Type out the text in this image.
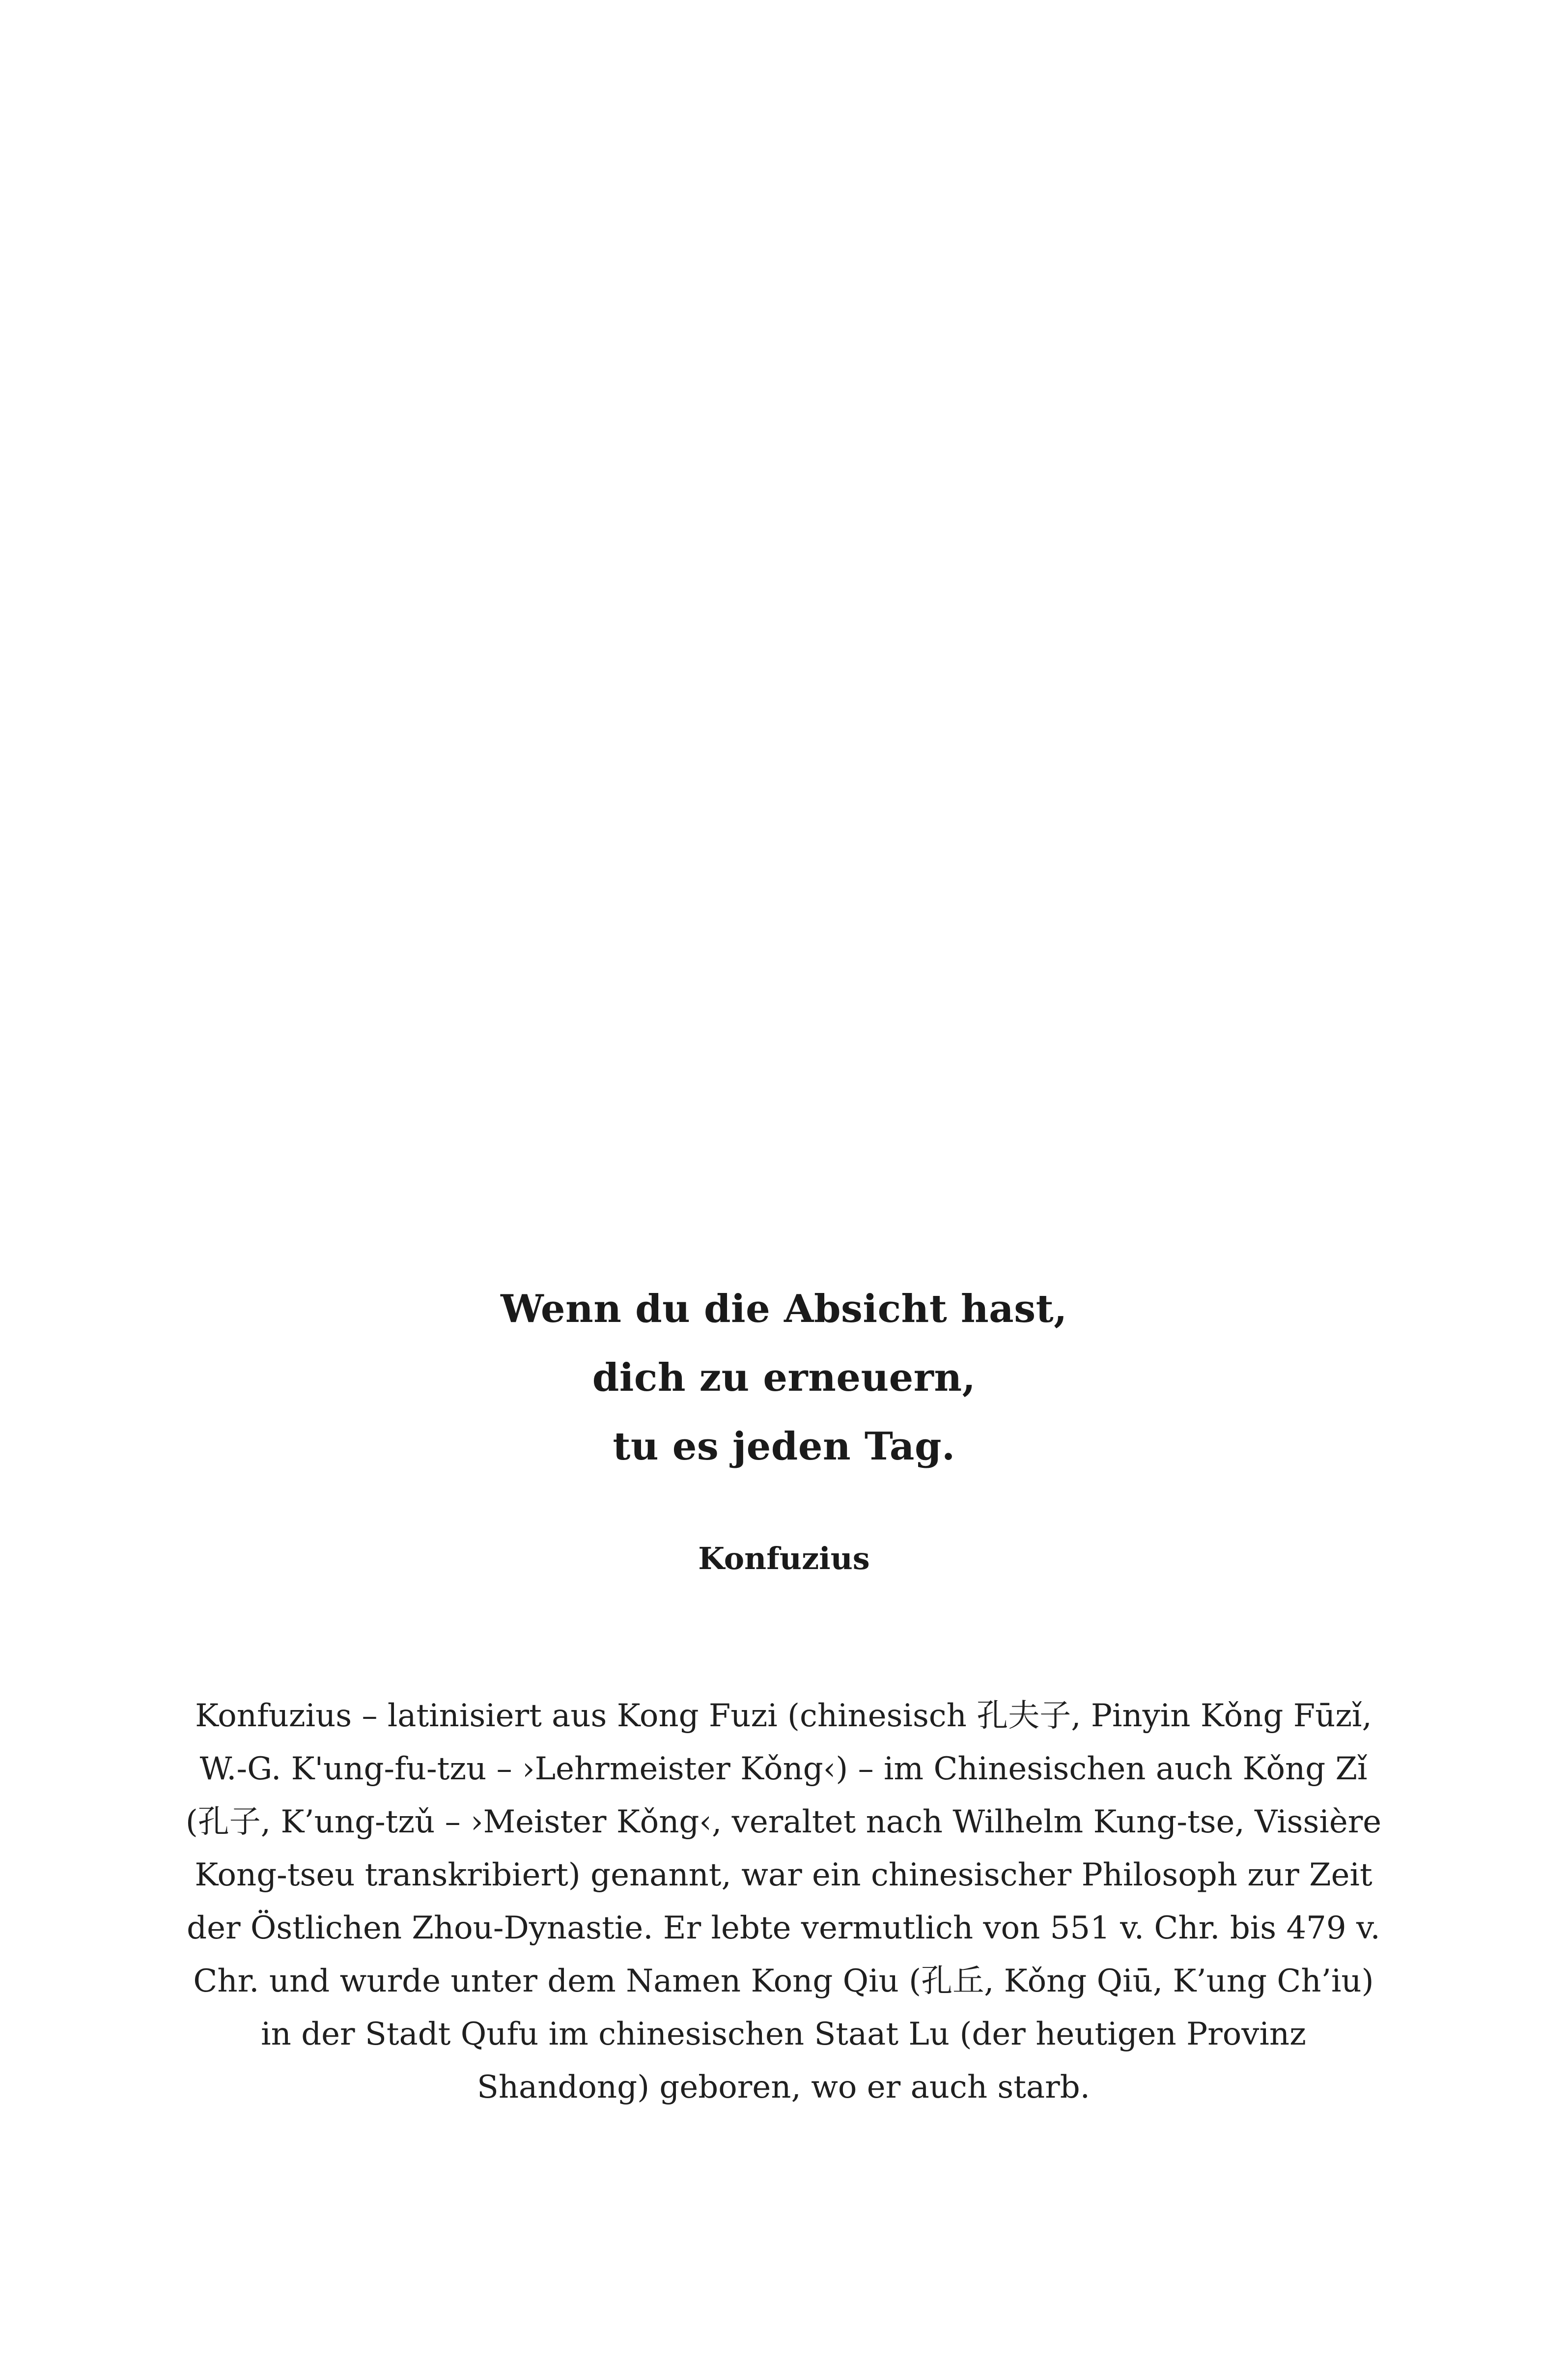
Wenn du die Absicht hast,
dich zu erneuern,
tu es jeden Tag.
Konfuzius

Konfuzius – latinisiert aus Kong Fuzi (chinesisch 孔夫子, Pinyin Kǒng Fūzǐ, W.-G. K'ung-fu-tzu – ›Lehrmeister Kǒng‹) – im Chinesischen auch Kǒng Zǐ (孔子, K’ung-tzǔ – ›Meister Kǒng‹, veraltet nach Wilhelm Kung-tse, Vissière Kong-tseu transkribiert) genannt, war ein chinesischer Philosoph zur Zeit der Östlichen Zhou-Dynastie. Er lebte vermutlich von 551 v. Chr. bis 479 v. Chr. und wurde unter dem Namen Kong Qiu (孔丘, Kǒng Qiū, K’ung Ch’iu) in der Stadt Qufu im chinesischen Staat Lu (der heutigen Provinz Shandong) geboren, wo er auch starb.
